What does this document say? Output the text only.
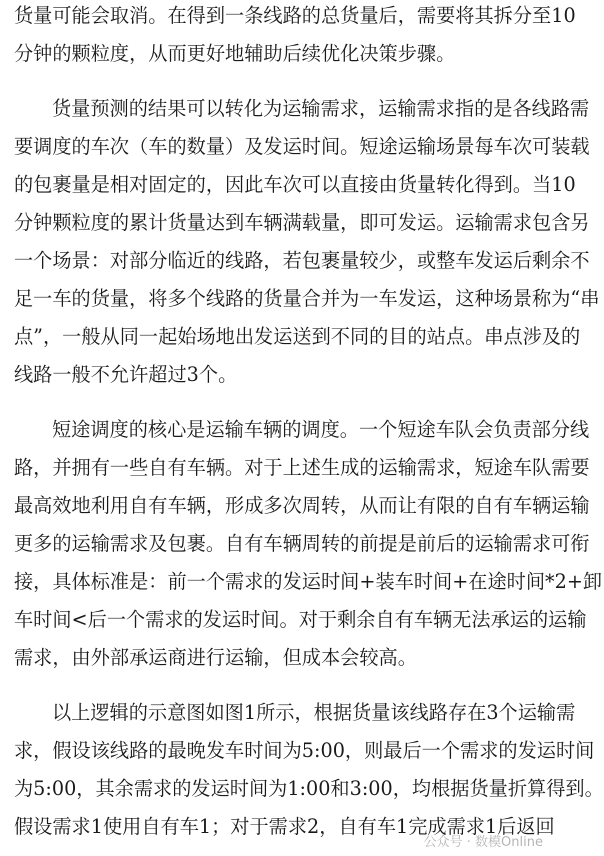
货量可能会取消。在得到一条线路的总货量后，需要将其拆分至10
分钟的颗粒度，从而更好地辅助后续优化决策步骤。
货量预测的结果可以转化为运输需求，运输需求指的是各线路需
要调度的车次（车的数量）及发运时间。短途运输场景每车次可装载
的包裹量是相对固定的，因此车次可以直接由货量转化得到。当10
分钟颗粒度的累计货量达到车辆满载量，即可发运。运输需求包含另
一个场景：对部分临近的线路，若包裹量较少，或整车发运后剩余不
足一车的货量，将多个线路的货量合并为一车发运，这种场景称为“串
点”，一般从同一起始场地出发运送到不同的目的站点。串点涉及的
线路一般不允许超过3个。
短途调度的核心是运输车辆的调度。一个短途车队会负责部分线
路，并拥有一些自有车辆。对于上述生成的运输需求，短途车队需要
最高效地利用自有车辆，形成多次周转，从而让有限的自有车辆运输
更多的运输需求及包裹。自有车辆周转的前提是前后的运输需求可衔
接，具体标准是：前一个需求的发运时间+装车时间+在途时间*2+卸
车时间<后一个需求的发运时间。对于剩余自有车辆无法承运的运输
需求，由外部承运商进行运输，但成本会较高。
以上逻辑的示意图如图1所示，根据货量该线路存在3个运输需
求，假设该线路的最晚发车时间为5:00，则最后一个需求的发运时间
为5:00，其余需求的发运时间为1:00和3:00，均根据货量折算得到。
假设需求1使用自有车1；对于需求2，自有车1完成需求1后返回
公众号 · 数模Online
